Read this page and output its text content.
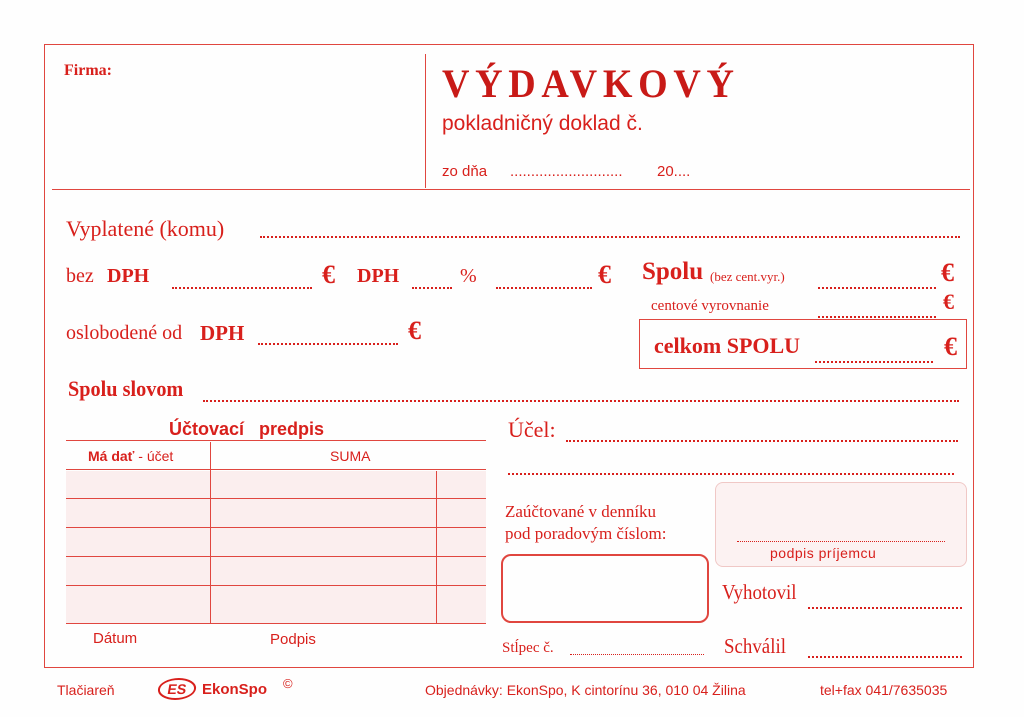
Firma:	VÝDAVKOVÝ
pokladničný doklad č.
zo dňa ........................... 20....
Vyplatené (komu)
bez DPH	€ DPH	%	€ Spolu (bez cent.vyr.)	€
centové vyrovnanie	€
oslobodené od DPH	€
celkom SPOLU	€
Spolu slovom
Účtovací predpis
Má dať - účet	SUMA
Dátum	Podpis
Účel:
Zaúčtované v denníku
pod poradovým číslom:
podpis príjemcu
Vyhotovil
Schválil
Stĺpec č.
Tlačiareň	ES EkonSpo ©	Objednávky: EkonSpo, K cintorínu 36, 010 04 Žilina	tel+fax 041/7635035
